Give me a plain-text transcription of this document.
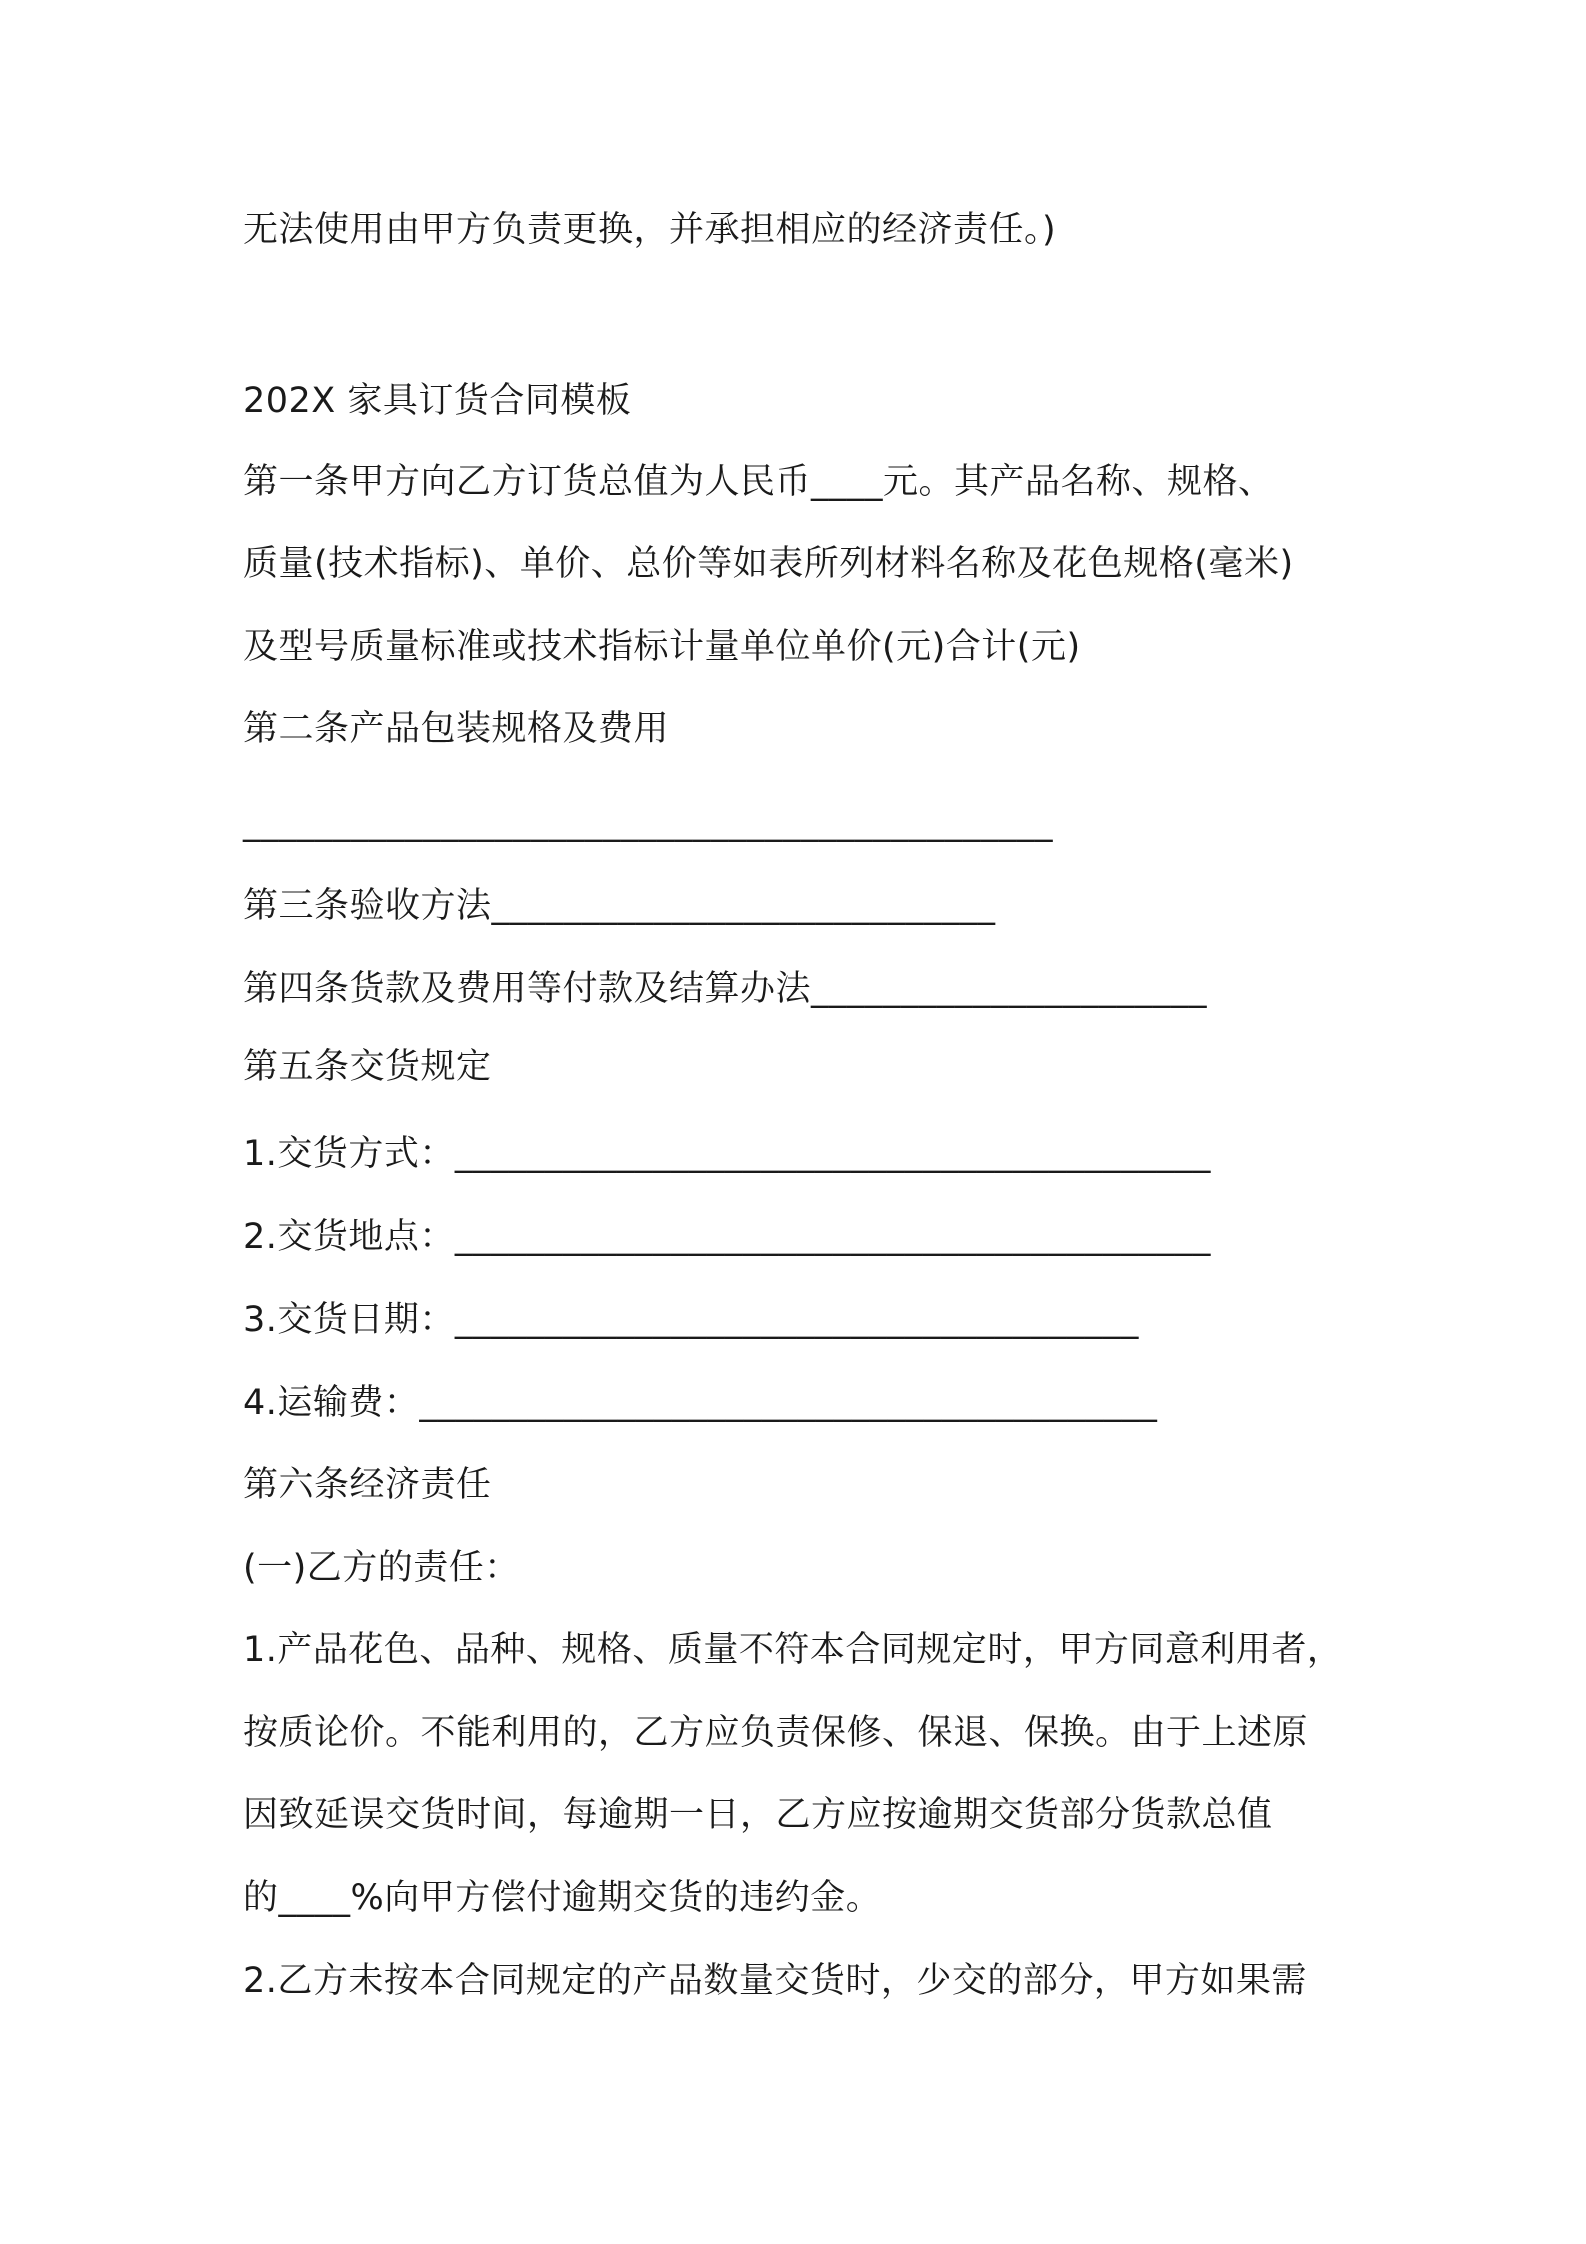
无法使用由甲方负责更换，并承担相应的经济责任。)
202X 家具订货合同模板
第一条甲方向乙方订货总值为人民币____元。其产品名称、规格、
质量(技术指标)、单价、总价等如表所列材料名称及花色规格(毫米)
及型号质量标准或技术指标计量单位单价(元)合计(元)
第二条产品包装规格及费用
_____________________________________________
第三条验收方法____________________________
第四条货款及费用等付款及结算办法______________________
第五条交货规定
1.交货方式：__________________________________________
2.交货地点：__________________________________________
3.交货日期：______________________________________
4.运输费：_________________________________________
第六条经济责任
(一)乙方的责任：
1.产品花色、品种、规格、质量不符本合同规定时，甲方同意利用者，
按质论价。不能利用的，乙方应负责保修、保退、保换。由于上述原
因致延误交货时间，每逾期一日，乙方应按逾期交货部分货款总值
的____%向甲方偿付逾期交货的违约金。
2.乙方未按本合同规定的产品数量交货时，少交的部分，甲方如果需
